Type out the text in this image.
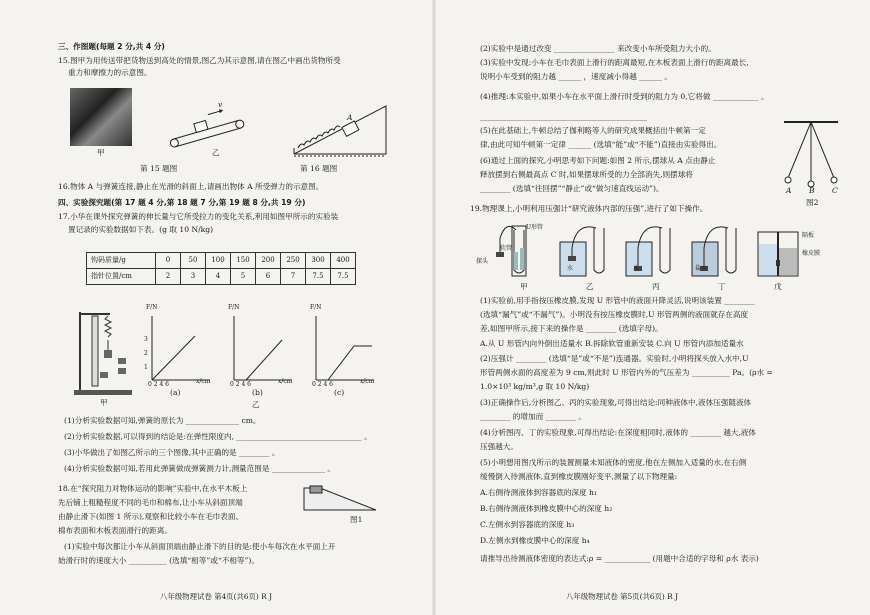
三、作图题(每题 2 分,共 4 分)
15.图甲为用传送带把货物送到高处的情景,图乙为其示意图,请在图乙中画出货物所受
重力和摩擦力的示意图。
甲
v
乙
A
第 15 题图	第 16 题图
16.物体 A 与弹簧连接,静止在光滑的斜面上,请画出物体 A 所受弹力的示意图。
四、实验探究题(第 17 题 4 分,第 18 题 7 分,第 19 题 8 分,共 19 分)
17.小华在课外探究弹簧的伸长量与它所受拉力的变化关系,利用如图甲所示的实验装
置记录的实验数据如下表。(g 取 10 N/kg)
钩码质量/g	0	50	100	150	200	250	300	400
指针位置/cm	2	3	4	5	6	7	7.5	7.5
甲
F/N	F/N	F/N
3
2
1
0 2 4 6	0 2 4 6	0 2 4 6
x/cm	x/cm	x/cm
(a)	(b)	(c)
乙
(1)分析实验数据可知,弹簧的原长为 ______________ cm。
(2)分析实验数据,可以得到的结论是:在弹性限度内, _________________________________ 。
(3)小华做出了如图乙所示的三个图像,其中正确的是 ________ 。
(4)分析实验数据可知,若用此弹簧做成弹簧测力计,测量范围是 ______________ 。
18.在“探究阻力对物体运动的影响”实验中,在水平木板上
先后铺上粗糙程度不同的毛巾和棉布,让小车从斜面顶端
由静止滑下(如图 1 所示),观察和比较小车在毛巾表面、
棉布表面和木板表面滑行的距离。
图1
(1)实验中每次都让小车从斜面顶端由静止滑下的目的是:使小车每次在水平面上开
始滑行时的速度大小 __________ (选填“相等”或“不相等”)。
八年级物理试卷 第4页(共6页) R J
(2)实验中是通过改变 ________________ 来改变小车所受阻力大小的。
(3)实验中发现:小车在毛巾表面上滑行的距离最短,在木板表面上滑行的距离最长,
说明小车受到的阻力越 ______ ，速度减小得越 ______ 。
(4)推理:本实验中,如果小车在水平面上滑行时受到的阻力为 0,它将做 ____________ 。
____________________________________________
(5)在此基础上,牛顿总结了伽利略等人的研究成果概括出牛顿第一定
律,由此可知牛顿第一定律 ______ (选填“能”或“不能”)直接由实验得出。
(6)通过上面的探究,小明思考如下问题:如图 2 所示,摆球从 A 点由静止
释放摆到右侧最高点 C 时,如果摆球所受的力全部消失,则摆球将
________ (选填“往回摆”“静止”或“做匀速直线运动”)。	A B C
图2
19.物理课上,小明利用压强计“研究液体内部的压强”,进行了如下操作。
U形管
软管
探头
水	水	盐水
隔板
橡皮膜
甲	乙	丙	丁	戊
(1)实验前,用手指按压橡皮膜,发现 U 形管中的液面升降灵活,说明该装置 ________
(选填“漏气”或“不漏气”)。小明没有按压橡皮膜时,U 形管两侧的液面就存在高度
差,如图甲所示,接下来的操作是 ________ (选填字母)。
A.从 U 形管内向外倒出适量水 B.拆除软管重新安装 C.向 U 形管内添加适量水
(2)压强计 ________ (选填“是”或“不是”)连通器。实验时,小明将探头放入水中,U
形管两侧水面的高度差为 9 cm,则此时 U 形管内外的气压差为 __________ Pa。(ρ水 =
1.0×10³ kg/m³,g 取 10 N/kg)
(3)正确操作后,分析图乙、丙的实验现象,可得出结论:同种液体中,液体压强随液体
________ 的增加而 ________ 。
(4)分析图丙、丁的实验现象,可得出结论:在深度相同时,液体的 ________ 越大,液体
压强越大。
(5)小明想用图戊所示的装置测量未知液体的密度,他在左侧加入适量的水,在右侧
缓慢倒入待测液体,直到橡皮膜刚好变平,测量了以下物理量:
A.右侧待测液体到容器底的深度 h₁
B.右侧待测液体到橡皮膜中心的深度 h₂
C.左侧水到容器底的深度 h₃
D.左侧水到橡皮膜中心的深度 h₄
请推导出待测液体密度的表达式:ρ = ____________ (用题中合适的字母和 ρ水 表示)
八年级物理试卷 第5页(共6页) R J
